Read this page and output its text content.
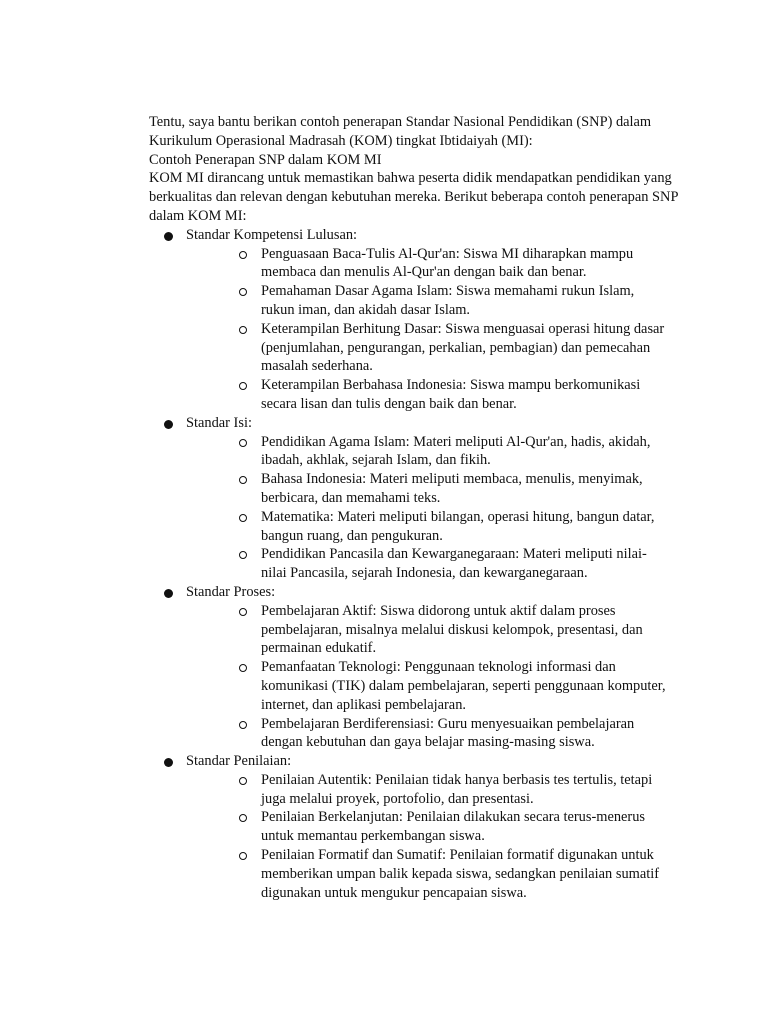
Tentu, saya bantu berikan contoh penerapan Standar Nasional Pendidikan (SNP) dalam Kurikulum Operasional Madrasah (KOM) tingkat Ibtidaiyah (MI):

Contoh Penerapan SNP dalam KOM MI

KOM MI dirancang untuk memastikan bahwa peserta didik mendapatkan pendidikan yang berkualitas dan relevan dengan kebutuhan mereka. Berikut beberapa contoh penerapan SNP dalam KOM MI:

Standar Kompetensi Lulusan:
Penguasaan Baca-Tulis Al-Qur'an: Siswa MI diharapkan mampu membaca dan menulis Al-Qur'an dengan baik dan benar.
Pemahaman Dasar Agama Islam: Siswa memahami rukun Islam, rukun iman, dan akidah dasar Islam.
Keterampilan Berhitung Dasar: Siswa menguasai operasi hitung dasar (penjumlahan, pengurangan, perkalian, pembagian) dan pemecahan masalah sederhana.
Keterampilan Berbahasa Indonesia: Siswa mampu berkomunikasi secara lisan dan tulis dengan baik dan benar.
Standar Isi:
Pendidikan Agama Islam: Materi meliputi Al-Qur'an, hadis, akidah, ibadah, akhlak, sejarah Islam, dan fikih.
Bahasa Indonesia: Materi meliputi membaca, menulis, menyimak, berbicara, dan memahami teks.
Matematika: Materi meliputi bilangan, operasi hitung, bangun datar, bangun ruang, dan pengukuran.
Pendidikan Pancasila dan Kewarganegaraan: Materi meliputi nilai-nilai Pancasila, sejarah Indonesia, dan kewarganegaraan.
Standar Proses:
Pembelajaran Aktif: Siswa didorong untuk aktif dalam proses pembelajaran, misalnya melalui diskusi kelompok, presentasi, dan permainan edukatif.
Pemanfaatan Teknologi: Penggunaan teknologi informasi dan komunikasi (TIK) dalam pembelajaran, seperti penggunaan komputer, internet, dan aplikasi pembelajaran.
Pembelajaran Berdiferensiasi: Guru menyesuaikan pembelajaran dengan kebutuhan dan gaya belajar masing-masing siswa.
Standar Penilaian:
Penilaian Autentik: Penilaian tidak hanya berbasis tes tertulis, tetapi juga melalui proyek, portofolio, dan presentasi.
Penilaian Berkelanjutan: Penilaian dilakukan secara terus-menerus untuk memantau perkembangan siswa.
Penilaian Formatif dan Sumatif: Penilaian formatif digunakan untuk memberikan umpan balik kepada siswa, sedangkan penilaian sumatif digunakan untuk mengukur pencapaian siswa.
